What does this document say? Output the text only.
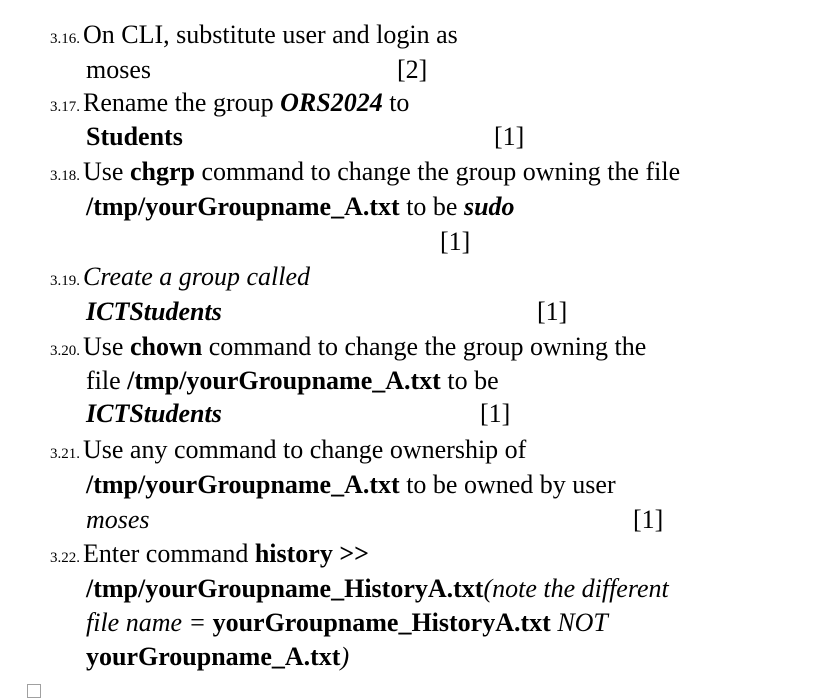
3.16. On CLI, substitute user and login as
moses	[2]
3.17. Rename the group ORS2024 to
Students	[1]
3.18. Use chgrp command to change the group owning the file
/tmp/yourGroupname_A.txt to be sudo
[1]
3.19. Create a group called
ICTStudents	[1]
3.20. Use chown command to change the group owning the
file /tmp/yourGroupname_A.txt to be
ICTStudents	[1]
3.21. Use any command to change ownership of
/tmp/yourGroupname_A.txt to be owned by user
moses	[1]
3.22. Enter command history >>
/tmp/yourGroupname_HistoryA.txt(note the different
file name = yourGroupname_HistoryA.txt NOT
yourGroupname_A.txt)
